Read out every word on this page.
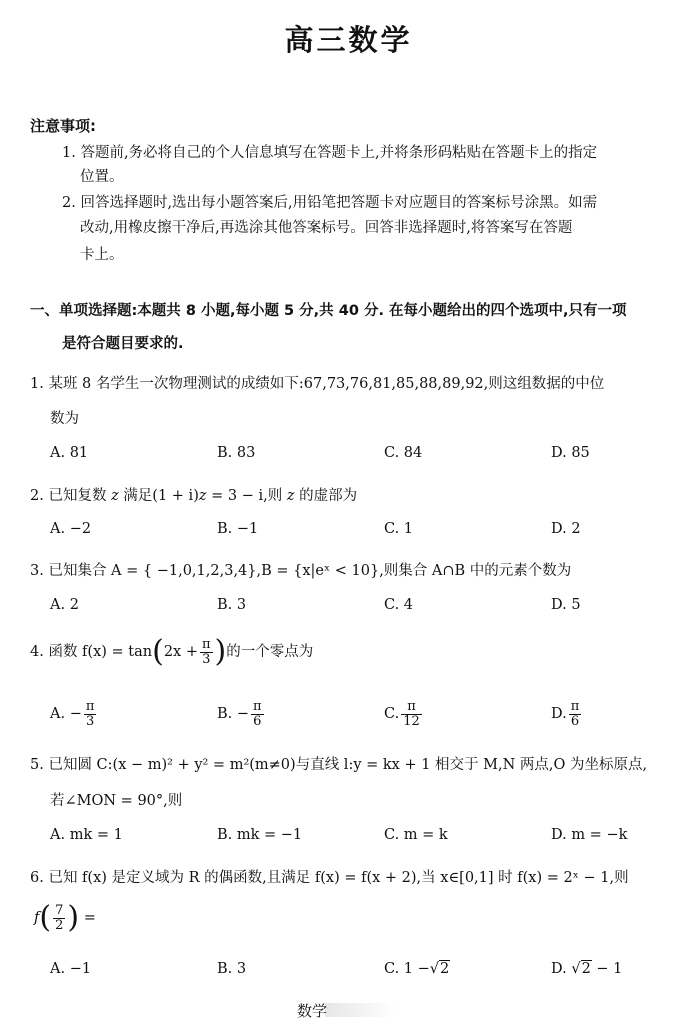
高三数学
注意事项:
1. 答题前,务必将自己的个人信息填写在答题卡上,并将条形码粘贴在答题卡上的指定
位置。
2. 回答选择题时,选出每小题答案后,用铅笔把答题卡对应题目的答案标号涂黑。如需
改动,用橡皮擦干净后,再选涂其他答案标号。回答非选择题时,将答案写在答题
卡上。
一、单项选择题:本题共 8 小题,每小题 5 分,共 40 分. 在每小题给出的四个选项中,只有一项
是符合题目要求的.
1. 某班 8 名学生一次物理测试的成绩如下:67,73,76,81,85,88,89,92,则这组数据的中位
数为
A. 81	B. 83	C. 84	D. 85
2. 已知复数 z 满足(1 + i)z = 3 − i,则 z 的虚部为
A. −2	B. −1	C. 1	D. 2
3. 已知集合 A = { −1,0,1,2,3,4},B = {x|eˣ < 10},则集合 A∩B 中的元素个数为
A. 2	B. 3	C. 4	D. 5
4. 函数 $f(x) = \tan(2x + \frac{\pi}{3}$ )的一个零点为
A. − $\frac{\pi}{3}$	B. − $\frac{\pi}{6}$	C. $\frac{\pi}{12}$	D. $\frac{\pi}{6}$
5. 已知圆 C:(x − m)² + y² = m²(m≠0)与直线 l:y = kx + 1 相交于 M,N 两点,O 为坐标原点,
若∠MON = 90°,则
A. mk = 1	B. mk = −1	C. m = k	D. m = −k
6. 已知 f(x) 是定义域为 R 的偶函数,且满足 f(x) = f(x + 2),当 x∈[0,1] 时 f(x) = 2ˣ − 1,则
$f( \frac{7}{2}$ ) =
A. −1	B. 3	C. 1 −√2	D. √2 − 1
数学
